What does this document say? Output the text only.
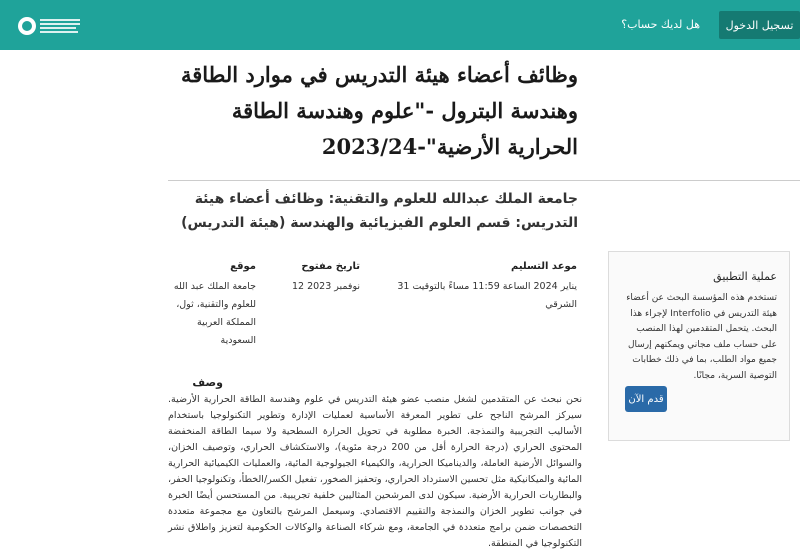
هل لديك حساب؟	تسجيل الدخول
وظائف أعضاء هيئة التدريس في موارد الطاقة وهندسة البترول -"علوم وهندسة الطاقة الحرارية الأرضية"-2023/24
جامعة الملك عبدالله للعلوم والتقنية: وظائف أعضاء هيئة التدريس: قسم العلوم الفيزيائية والهندسة (هيئة التدريس)
موقع
جامعة الملك عبد الله للعلوم والتقنية، ثول، المملكة العربية السعودية
تاريخ مفتوح
نوفمبر 2023 12
موعد التسليم
يناير 2024 الساعة 11:59 مساءً بالتوقيت 31 الشرقي
وصف

نحن نبحث عن المتقدمين لشغل منصب عضو هيئة التدريس في علوم وهندسة الطاقة الحرارية الأرضية. سيركز المرشح الناجح على تطوير المعرفة الأساسية لعمليات الإدارة وتطوير التكنولوجيا باستخدام الأساليب التجريبية والنمذجة. الخبرة مطلوبة في تحويل الحرارة السطحية ولا سيما الطاقة المنخفضة المحتوى الحراري (درجة الحرارة أقل من 200 درجة مئوية)، والاستكشاف الحراري، وتوصيف الخزان، والسوائل الأرضية العاملة، والديناميكا الحرارية، والكيمياء الجيولوجية المائية، والعمليات الكيميائية الحرارية المائية والميكانيكية مثل تحسين الاسترداد الحراري، وتحفيز الصخور، تفعيل الكسر/الخطأ، وتكنولوجيا الحفر، والبطاريات الحرارية الأرضية. سيكون لدى المرشحين المثاليين خلفية تجريبية. من المستحسن أيضًا الخبرة في جوانب تطوير الخزان والنمذجة والتقييم الاقتصادي. وسيعمل المرشح بالتعاون مع مجموعة متعددة التخصصات ضمن برامج متعددة في الجامعة، ومع شركاء الصناعة والوكالات الحكومية لتعزيز واطلاق نشر التكنولوجيا في المنطقة.

عملية التطبيق
تستخدم هذه المؤسسة البحث عن أعضاء هيئة التدريس في Interfolio لإجراء هذا البحث. يتحمل المتقدمين لهذا المنصب على حساب ملف مجاني ويمكنهم إرسال جميع مواد الطلب، بما في ذلك خطابات التوصية السرية، مجانًا.
قدم الآن
